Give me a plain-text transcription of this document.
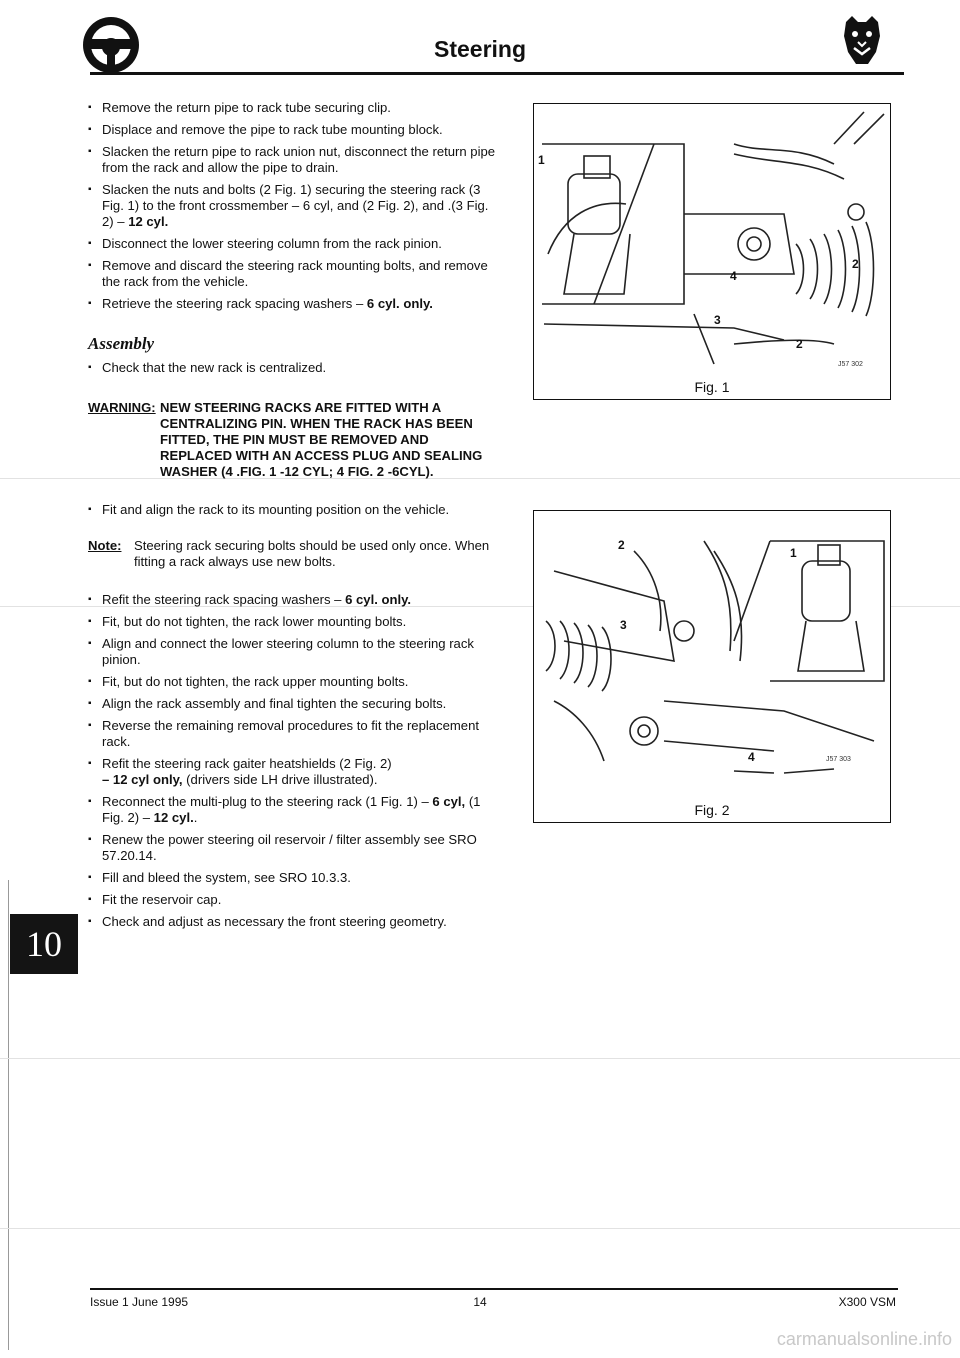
Steering
▪ Remove the return pipe to rack tube securing clip.
▪ Displace and remove the pipe to rack tube mounting block.
▪ Slacken the return pipe to rack union nut, disconnect the return pipe from the rack and allow the pipe to drain.
▪ Slacken the nuts and bolts (2 Fig. 1) securing the steering rack (3 Fig. 1) to the front crossmember – 6 cyl, and (2 Fig. 2), and .(3 Fig. 2) – 12 cyl.
▪ Disconnect the lower steering column from the rack pinion.
▪ Remove and discard the steering rack mounting bolts, and remove the rack from the vehicle.
▪ Retrieve the steering rack spacing washers – 6 cyl. only.
Assembly
▪ Check that the new rack is centralized.
WARNING: NEW STEERING RACKS ARE FITTED WITH A CENTRALIZING PIN. WHEN THE RACK HAS BEEN FITTED, THE PIN MUST BE REMOVED AND REPLACED WITH AN ACCESS PLUG AND SEALING WASHER (4 .FIG. 1 -12 CYL; 4 FIG. 2 -6CYL).
▪ Fit and align the rack to its mounting position on the vehicle.
Note: Steering rack securing bolts should be used only once. When fitting a rack always use new bolts.
▪ Refit the steering rack spacing washers – 6 cyl. only.
▪ Fit, but do not tighten, the rack lower mounting bolts.
▪ Align and connect the lower steering column to the steering rack pinion.
▪ Fit, but do not tighten, the rack upper mounting bolts.
▪ Align the rack assembly and final tighten the securing bolts.
▪ Reverse the remaining removal procedures to fit the replacement rack.
▪ Refit the steering rack gaiter heatshields (2 Fig. 2)
– 12 cyl only, (drivers side LH drive illustrated).
▪ Reconnect the multi-plug to the steering rack (1 Fig. 1) – 6 cyl, (1 Fig. 2) – 12 cyl..
▪ Renew the power steering oil reservoir / filter assembly see SRO 57.20.14.
▪ Fill and bleed the system, see SRO 10.3.3.
▪ Fit the reservoir cap.
▪ Check and adjust as necessary the front steering geometry.
1
2
3
4
2
J57 302
Fig. 1
2
1
3
4	J57 303
Fig. 2
10
Issue 1 June 1995	14	X300 VSM
carmanualsonline.info
